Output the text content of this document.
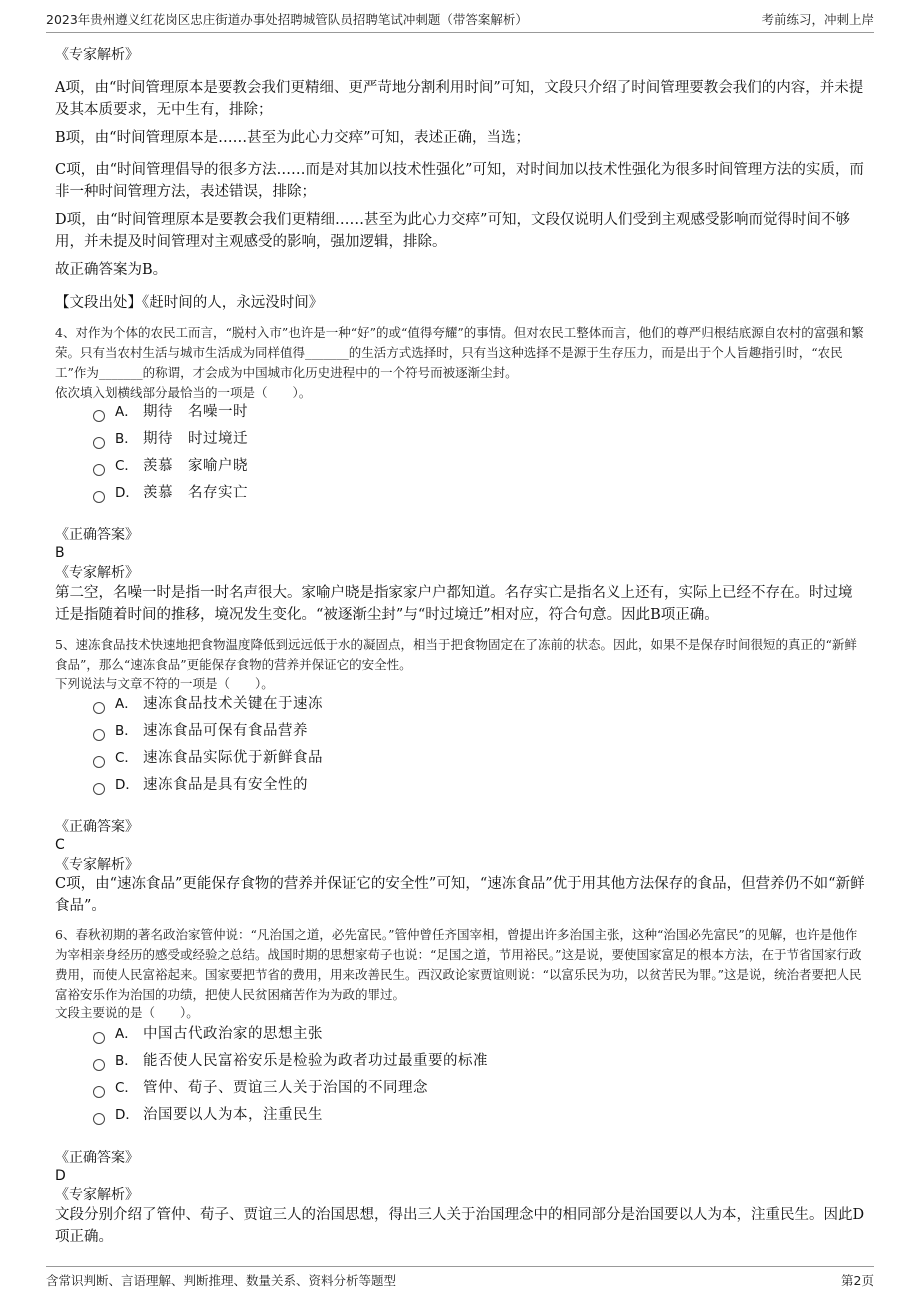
2023年贵州遵义红花岗区忠庄街道办事处招聘城管队员招聘笔试冲刺题（带答案解析）	考前练习，冲刺上岸

《专家解析》

A项，由“时间管理原本是要教会我们更精细、更严苛地分割利用时间”可知，文段只介绍了时间管理要教会我们的内容，并未提及其本质要求，无中生有，排除；

B项，由“时间管理原本是……甚至为此心力交瘁”可知，表述正确，当选；

C项，由“时间管理倡导的很多方法……而是对其加以技术性强化”可知，对时间加以技术性强化为很多时间管理方法的实质，而非一种时间管理方法，表述错误，排除；

D项，由“时间管理原本是要教会我们更精细……甚至为此心力交瘁”可知，文段仅说明人们受到主观感受影响而觉得时间不够用，并未提及时间管理对主观感受的影响，强加逻辑，排除。

故正确答案为B。

【文段出处】《赶时间的人，永远没时间》

4、对作为个体的农民工而言，“脱村入市”也许是一种“好”的或“值得夸耀”的事情。但对农民工整体而言，他们的尊严归根结底源自农村的富强和繁荣。只有当农村生活与城市生活成为同样值得_______的生活方式选择时，只有当这种选择不是源于生存压力，而是出于个人旨趣指引时，“农民工”作为_______的称谓，才会成为中国城市化历史进程中的一个符号而被逐渐尘封。

依次填入划横线部分最恰当的一项是（　　）。

A． 期待　名噪一时
B． 期待　时过境迁
C． 羡慕　家喻户晓
D． 羡慕　名存实亡

《正确答案》

B

《专家解析》

第二空，名噪一时是指一时名声很大。家喻户晓是指家家户户都知道。名存实亡是指名义上还有，实际上已经不存在。时过境迁是指随着时间的推移，境况发生变化。“被逐渐尘封”与“时过境迁”相对应，符合句意。因此B项正确。

5、速冻食品技术快速地把食物温度降低到远远低于水的凝固点，相当于把食物固定在了冻前的状态。因此，如果不是保存时间很短的真正的“新鲜食品”，那么“速冻食品”更能保存食物的营养并保证它的安全性。

下列说法与文章不符的一项是（　　）。

A． 速冻食品技术关键在于速冻
B． 速冻食品可保有食品营养
C． 速冻食品实际优于新鲜食品
D． 速冻食品是具有安全性的

《正确答案》

C

《专家解析》

C项，由“速冻食品”更能保存食物的营养并保证它的安全性”可知，“速冻食品”优于用其他方法保存的食品，但营养仍不如“新鲜食品”。

6、春秋初期的著名政治家管仲说：“凡治国之道，必先富民。”管仲曾任齐国宰相，曾提出许多治国主张，这种“治国必先富民”的见解，也许是他作为宰相亲身经历的感受或经验之总结。战国时期的思想家荀子也说：“足国之道，节用裕民。”这是说，要使国家富足的根本方法，在于节省国家行政费用，而使人民富裕起来。国家要把节省的费用，用来改善民生。西汉政论家贾谊则说：“以富乐民为功，以贫苦民为罪。”这是说，统治者要把人民富裕安乐作为治国的功绩，把使人民贫困痛苦作为为政的罪过。

文段主要说的是（　　）。

A． 中国古代政治家的思想主张
B． 能否使人民富裕安乐是检验为政者功过最重要的标准
C． 管仲、荀子、贾谊三人关于治国的不同理念
D． 治国要以人为本，注重民生

《正确答案》

D

《专家解析》

文段分别介绍了管仲、荀子、贾谊三人的治国思想，得出三人关于治国理念中的相同部分是治国要以人为本，注重民生。因此D项正确。

含常识判断、言语理解、判断推理、数量关系、资料分析等题型	第2页
